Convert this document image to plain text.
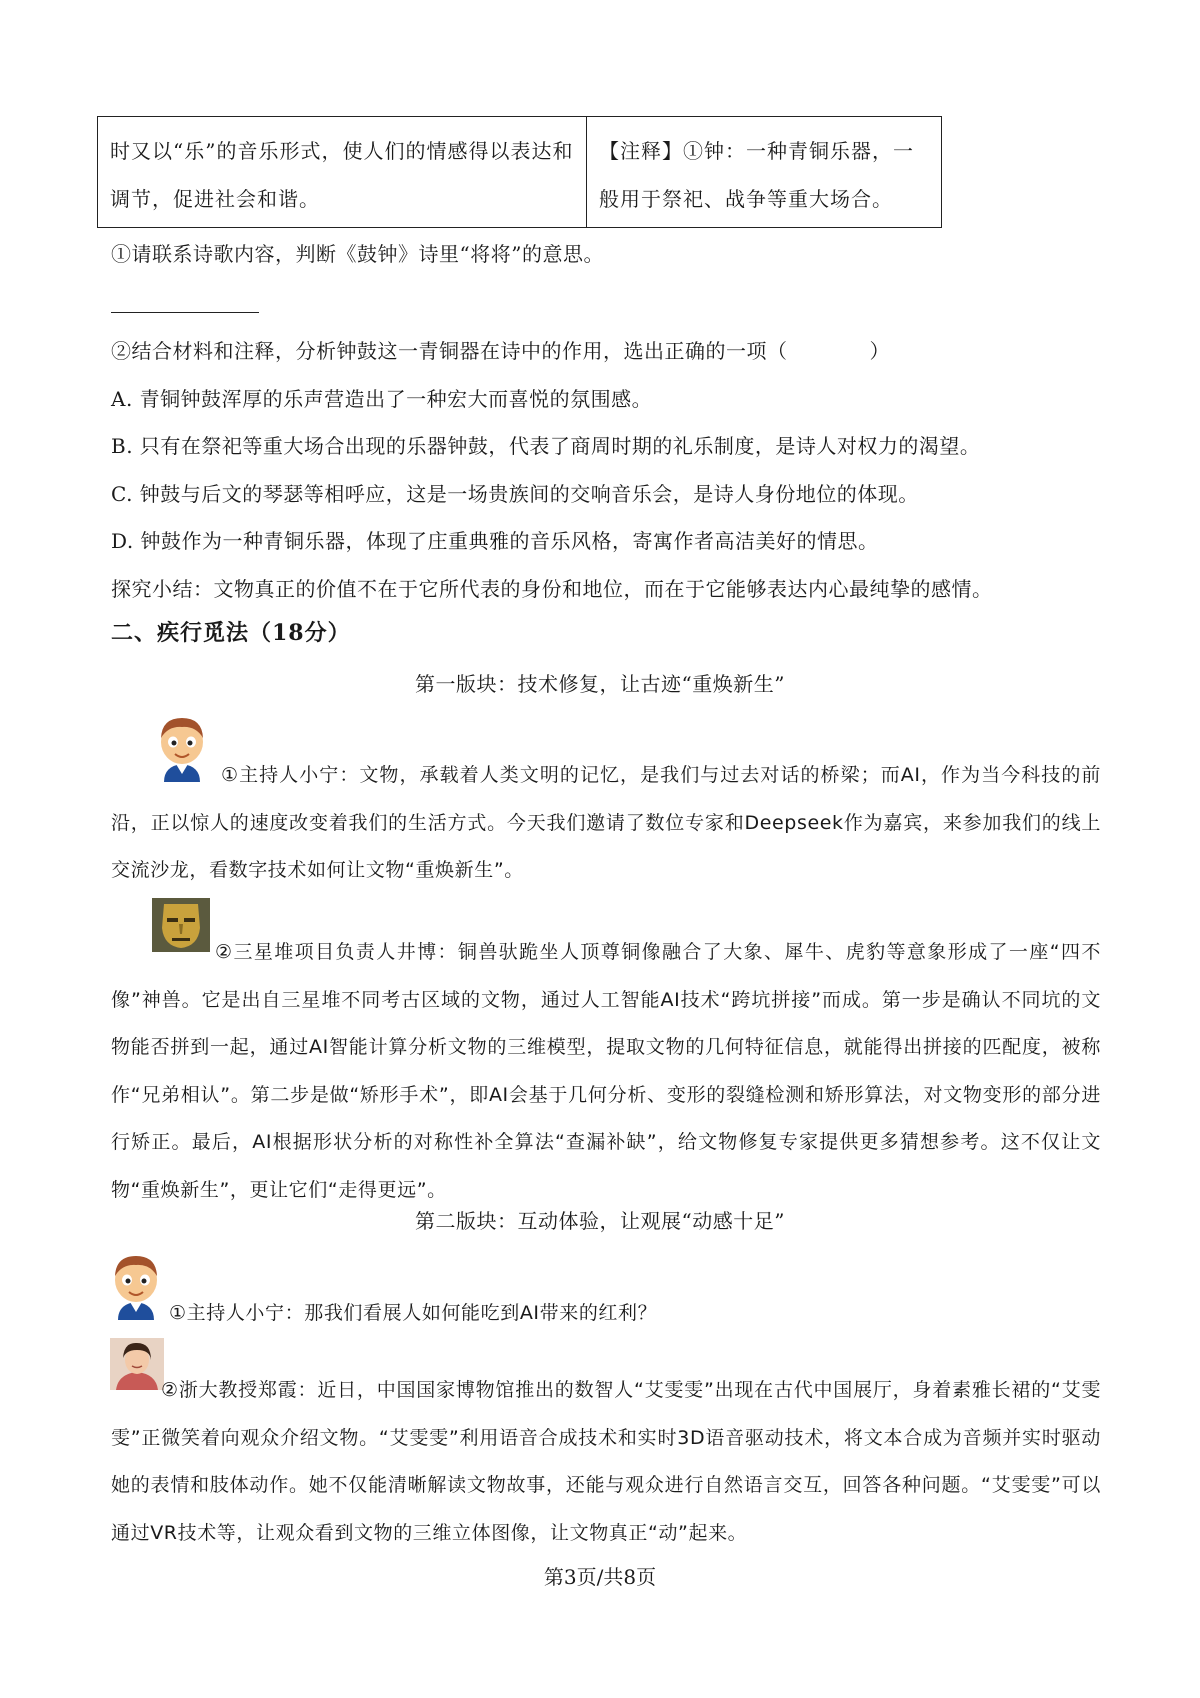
时又以“乐”的音乐形式，使人们的情感得以表达和调节，促进社会和谐。
【注释】①钟：一种青铜乐器，一般用于祭祀、战争等重大场合。
①请联系诗歌内容，判断《鼓钟》诗里“将将”的意思。
②结合材料和注释，分析钟鼓这一青铜器在诗中的作用，选出正确的一项（　　　　）
A. 青铜钟鼓浑厚的乐声营造出了一种宏大而喜悦的氛围感。
B. 只有在祭祀等重大场合出现的乐器钟鼓，代表了商周时期的礼乐制度，是诗人对权力的渴望。
C. 钟鼓与后文的琴瑟等相呼应，这是一场贵族间的交响音乐会，是诗人身份地位的体现。
D. 钟鼓作为一种青铜乐器，体现了庄重典雅的音乐风格，寄寓作者高洁美好的情思。
探究小结：文物真正的价值不在于它所代表的身份和地位，而在于它能够表达内心最纯挚的感情。
二、疾行觅法（18分）
第一版块：技术修复，让古迹“重焕新生”
①主持人小宁：文物，承载着人类文明的记忆，是我们与过去对话的桥梁；而AI，作为当今科技的前沿，正以惊人的速度改变着我们的生活方式。今天我们邀请了数位专家和Deepseek作为嘉宾，来参加我们的线上交流沙龙，看数字技术如何让文物“重焕新生”。
②三星堆项目负责人井博：铜兽驮跪坐人顶尊铜像融合了大象、犀牛、虎豹等意象形成了一座“四不像”神兽。它是出自三星堆不同考古区域的文物，通过人工智能AI技术“跨坑拼接”而成。第一步是确认不同坑的文物能否拼到一起，通过AI智能计算分析文物的三维模型，提取文物的几何特征信息，就能得出拼接的匹配度，被称作“兄弟相认”。第二步是做“矫形手术”，即AI会基于几何分析、变形的裂缝检测和矫形算法，对文物变形的部分进行矫正。最后，AI根据形状分析的对称性补全算法“查漏补缺”，给文物修复专家提供更多猜想参考。这不仅让文物“重焕新生”，更让它们“走得更远”。
第二版块：互动体验，让观展“动感十足”
①主持人小宁：那我们看展人如何能吃到AI带来的红利？
②浙大教授郑霞：近日，中国国家博物馆推出的数智人“艾雯雯”出现在古代中国展厅，身着素雅长裙的“艾雯雯”正微笑着向观众介绍文物。“艾雯雯”利用语音合成技术和实时3D语音驱动技术，将文本合成为音频并实时驱动她的表情和肢体动作。她不仅能清晰解读文物故事，还能与观众进行自然语言交互，回答各种问题。“艾雯雯”可以通过VR技术等，让观众看到文物的三维立体图像，让文物真正“动”起来。
第3页/共8页
